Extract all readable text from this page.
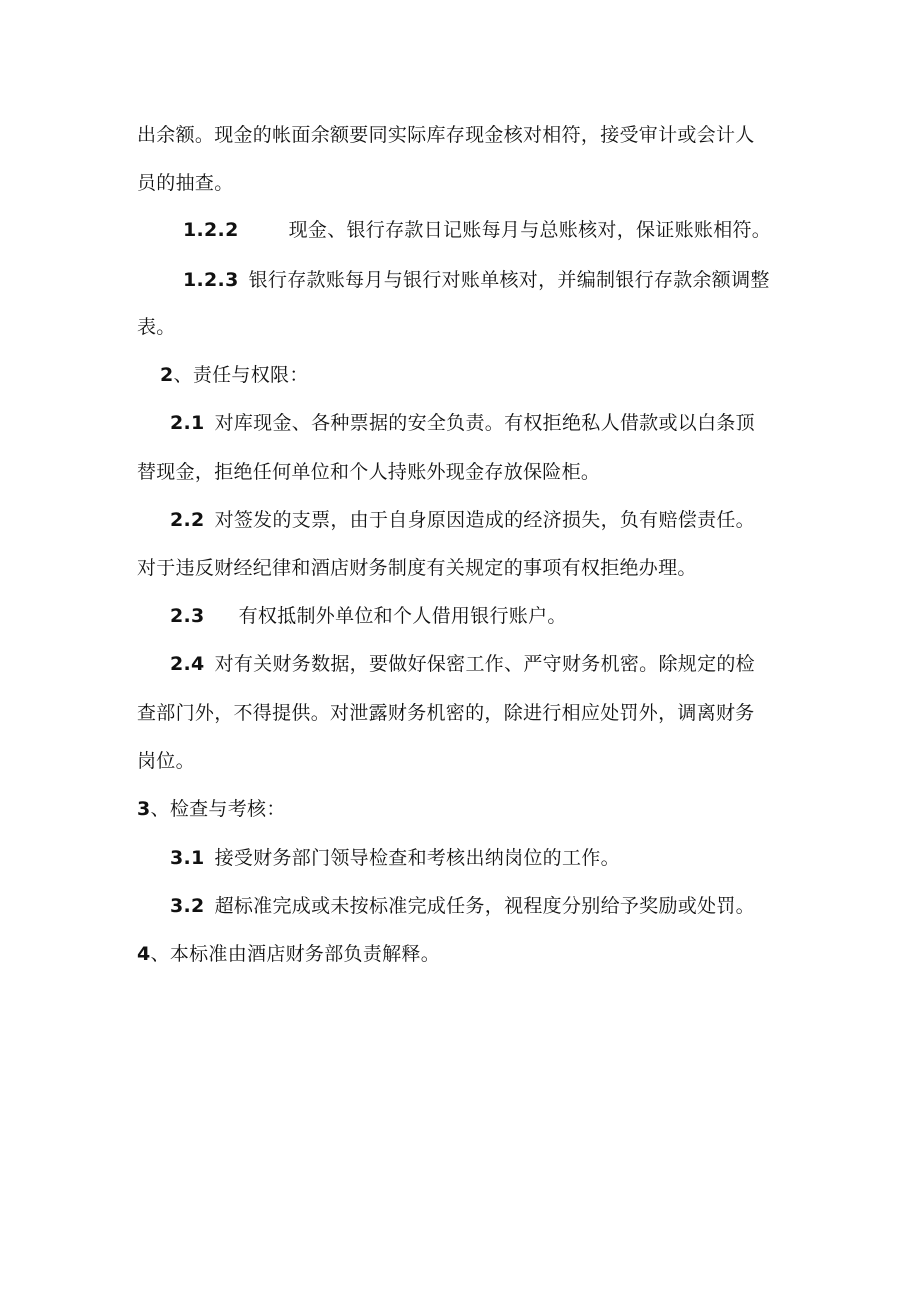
出余额。现金的帐面余额要同实际库存现金核对相符，接受审计或会计人
员的抽查。
1.2.2	现金、银行存款日记账每月与总账核对，保证账账相符。
1.2.3 银行存款账每月与银行对账单核对，并编制银行存款余额调整
表。
2、责任与权限：
2.1 对库现金、各种票据的安全负责。有权拒绝私人借款或以白条顶
替现金，拒绝任何单位和个人持账外现金存放保险柜。
2.2 对签发的支票，由于自身原因造成的经济损失，负有赔偿责任。
对于违反财经纪律和酒店财务制度有关规定的事项有权拒绝办理。
2.3 有权抵制外单位和个人借用银行账户。
2.4 对有关财务数据，要做好保密工作、严守财务机密。除规定的检
查部门外，不得提供。对泄露财务机密的，除进行相应处罚外，调离财务
岗位。
3、检查与考核：
3.1 接受财务部门领导检查和考核出纳岗位的工作。
3.2 超标准完成或未按标准完成任务，视程度分别给予奖励或处罚。
4、本标准由酒店财务部负责解释。
